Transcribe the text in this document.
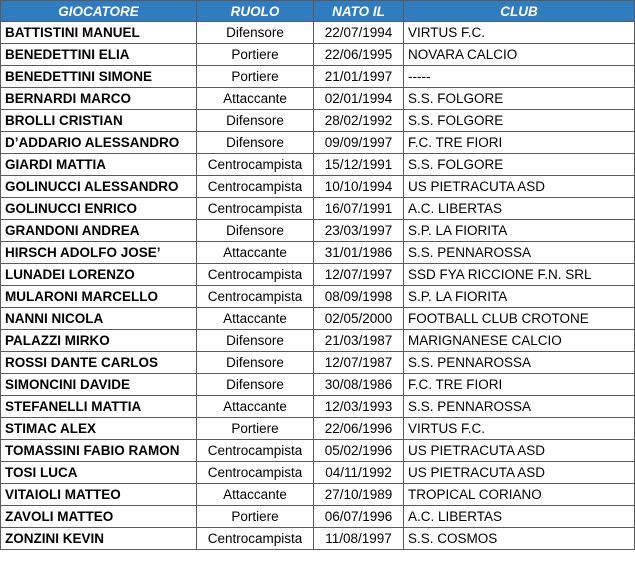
GIOCATORE	RUOLO	NATO IL	CLUB
BATTISTINI MANUEL	Difensore	22/07/1994	VIRTUS F.C.
BENEDETTINI ELIA	Portiere	22/06/1995	NOVARA CALCIO
BENEDETTINI SIMONE	Portiere	21/01/1997	-----
BERNARDI MARCO	Attaccante	02/01/1994	S.S. FOLGORE
BROLLI CRISTIAN	Difensore	28/02/1992	S.S. FOLGORE
D’ADDARIO ALESSANDRO	Difensore	09/09/1997	F.C. TRE FIORI
GIARDI MATTIA	Centrocampista	15/12/1991	S.S. FOLGORE
GOLINUCCI ALESSANDRO	Centrocampista	10/10/1994	US PIETRACUTA ASD
GOLINUCCI ENRICO	Centrocampista	16/07/1991	A.C. LIBERTAS
GRANDONI ANDREA	Difensore	23/03/1997	S.P. LA FIORITA
HIRSCH ADOLFO JOSE’	Attaccante	31/01/1986	S.S. PENNAROSSA
LUNADEI LORENZO	Centrocampista	12/07/1997	SSD FYA RICCIONE F.N. SRL
MULARONI MARCELLO	Centrocampista	08/09/1998	S.P. LA FIORITA
NANNI NICOLA	Attaccante	02/05/2000	FOOTBALL CLUB CROTONE
PALAZZI MIRKO	Difensore	21/03/1987	MARIGNANESE CALCIO
ROSSI DANTE CARLOS	Difensore	12/07/1987	S.S. PENNAROSSA
SIMONCINI DAVIDE	Difensore	30/08/1986	F.C. TRE FIORI
STEFANELLI MATTIA	Attaccante	12/03/1993	S.S. PENNAROSSA
STIMAC ALEX	Portiere	22/06/1996	VIRTUS F.C.
TOMASSINI FABIO RAMON	Centrocampista	05/02/1996	US PIETRACUTA ASD
TOSI LUCA	Centrocampista	04/11/1992	US PIETRACUTA ASD
VITAIOLI MATTEO	Attaccante	27/10/1989	TROPICAL CORIANO
ZAVOLI MATTEO	Portiere	06/07/1996	A.C. LIBERTAS
ZONZINI KEVIN	Centrocampista	11/08/1997	S.S. COSMOS
